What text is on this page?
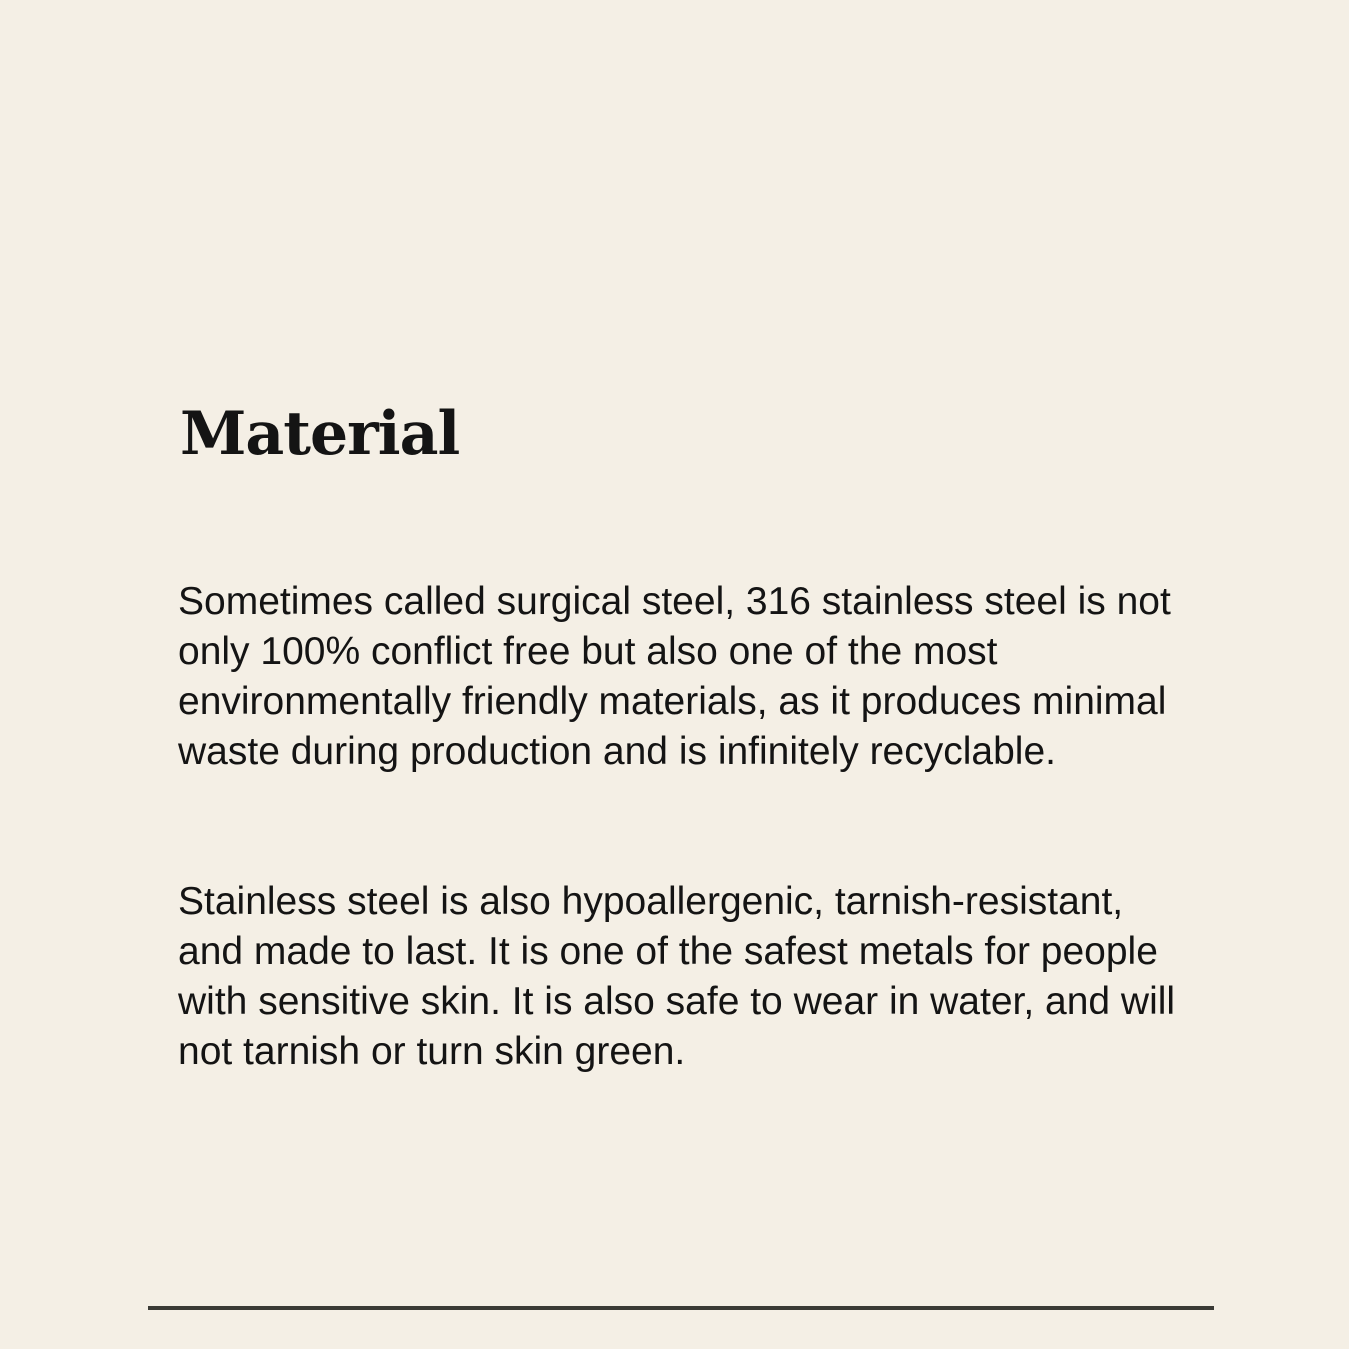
Material

Sometimes called surgical steel, 316 stainless steel is not only 100% conflict free but also one of the most environmentally friendly materials, as it produces minimal waste during production and is infinitely recyclable.

Stainless steel is also hypoallergenic, tarnish-resistant, and made to last. It is one of the safest metals for people with sensitive skin. It is also safe to wear in water, and will not tarnish or turn skin green.
